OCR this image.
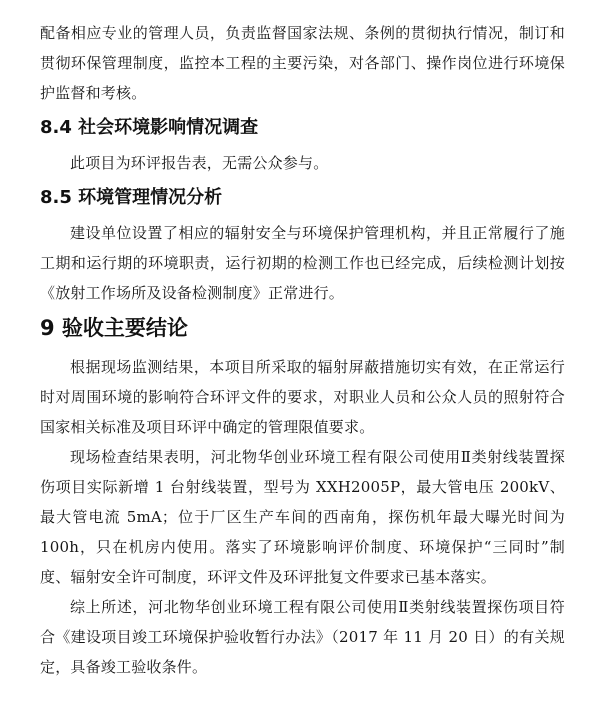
配备相应专业的管理人员，负责监督国家法规、条例的贯彻执行情况，制订和贯彻环保管理制度，监控本工程的主要污染，对各部门、操作岗位进行环境保护监督和考核。

8.4 社会环境影响情况调查

此项目为环评报告表，无需公众参与。

8.5 环境管理情况分析

建设单位设置了相应的辐射安全与环境保护管理机构，并且正常履行了施工期和运行期的环境职责，运行初期的检测工作也已经完成，后续检测计划按《放射工作场所及设备检测制度》正常进行。

9 验收主要结论

根据现场监测结果，本项目所采取的辐射屏蔽措施切实有效，在正常运行时对周围环境的影响符合环评文件的要求，对职业人员和公众人员的照射符合国家相关标准及项目环评中确定的管理限值要求。

现场检查结果表明，河北物华创业环境工程有限公司使用Ⅱ类射线装置探伤项目实际新增 1 台射线装置，型号为 XXH2005P，最大管电压 200kV、最大管电流 5mA；位于厂区生产车间的西南角，探伤机年最大曝光时间为 100h，只在机房内使用。落实了环境影响评价制度、环境保护“三同时”制度、辐射安全许可制度，环评文件及环评批复文件要求已基本落实。

综上所述，河北物华创业环境工程有限公司使用Ⅱ类射线装置探伤项目符合《建设项目竣工环境保护验收暂行办法》（2017 年 11 月 20 日）的有关规定，具备竣工验收条件。
